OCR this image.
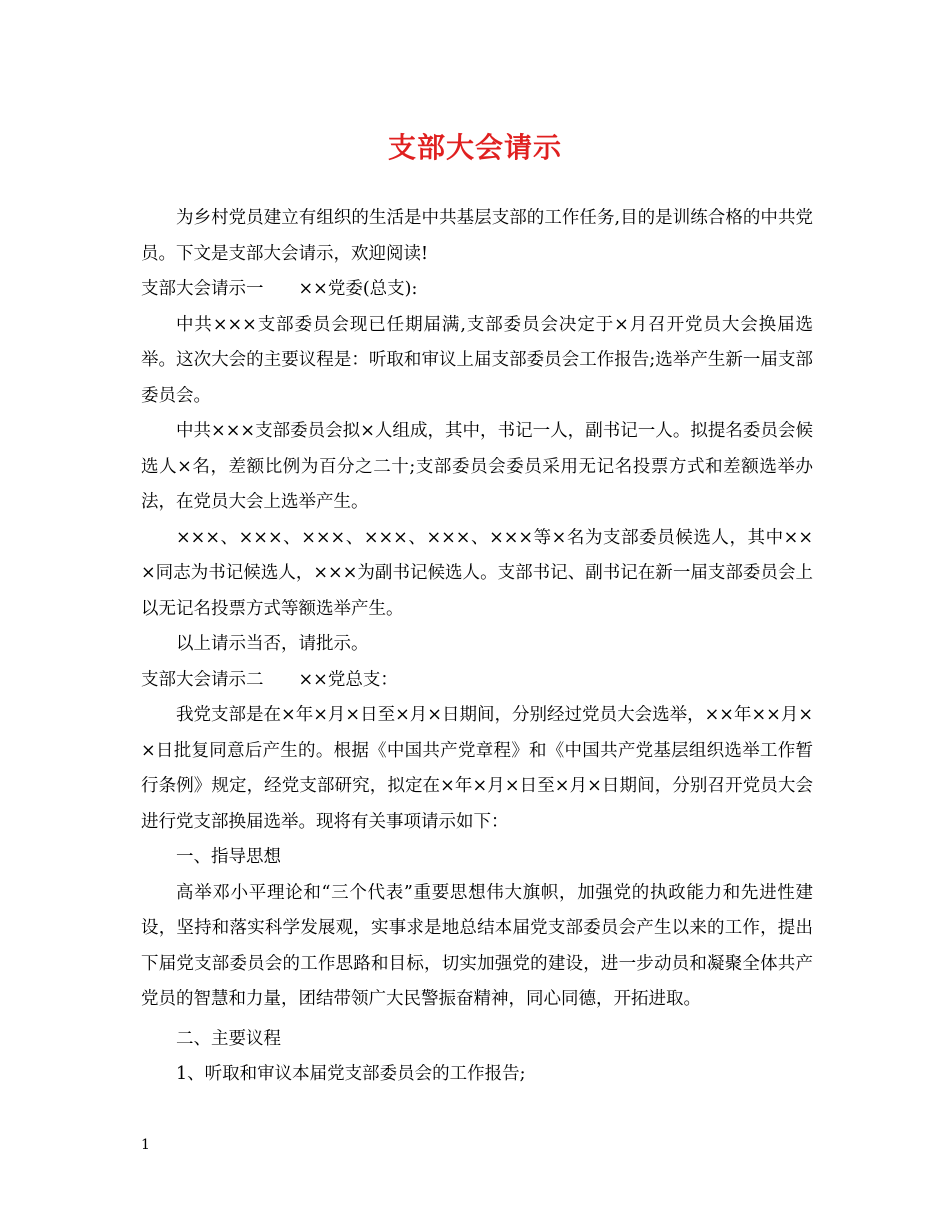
支部大会请示

为乡村党员建立有组织的生活是中共基层支部的工作任务,目的是训练合格的中共党员。下文是支部大会请示，欢迎阅读!

支部大会请示一　　××党委(总支):

中共×××支部委员会现已任期届满,支部委员会决定于×月召开党员大会换届选举。这次大会的主要议程是：听取和审议上届支部委员会工作报告;选举产生新一届支部委员会。

中共×××支部委员会拟×人组成，其中，书记一人，副书记一人。拟提名委员会候选人×名，差额比例为百分之二十;支部委员会委员采用无记名投票方式和差额选举办法，在党员大会上选举产生。

×××、×××、×××、×××、×××、×××等×名为支部委员候选人，其中×××同志为书记候选人，×××为副书记候选人。支部书记、副书记在新一届支部委员会上以无记名投票方式等额选举产生。

以上请示当否，请批示。

支部大会请示二　　××党总支：

我党支部是在×年×月×日至×月×日期间，分别经过党员大会选举，××年××月××日批复同意后产生的。根据《中国共产党章程》和《中国共产党基层组织选举工作暂行条例》规定，经党支部研究，拟定在×年×月×日至×月×日期间，分别召开党员大会进行党支部换届选举。现将有关事项请示如下：

一、指导思想

高举邓小平理论和“三个代表”重要思想伟大旗帜，加强党的执政能力和先进性建设，坚持和落实科学发展观，实事求是地总结本届党支部委员会产生以来的工作，提出下届党支部委员会的工作思路和目标，切实加强党的建设，进一步动员和凝聚全体共产党员的智慧和力量，团结带领广大民警振奋精神，同心同德，开拓进取。

二、主要议程

1、听取和审议本届党支部委员会的工作报告;

1
